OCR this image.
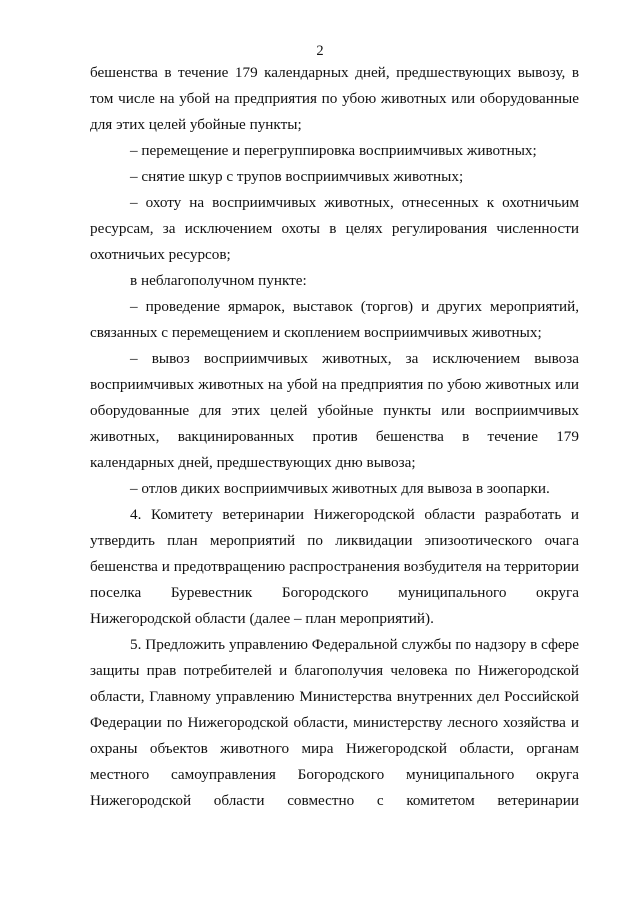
2

бешенства в течение 179 календарных дней, предшествующих вывозу, в том числе на убой на предприятия по убою животных или оборудованные для этих целей убойные пункты;

– перемещение и перегруппировка восприимчивых животных;

– снятие шкур с трупов восприимчивых животных;

– охоту на восприимчивых животных, отнесенных к охотничьим ресурсам, за исключением охоты в целях регулирования численности охотничьих ресурсов;

в неблагополучном пункте:

– проведение ярмарок, выставок (торгов) и других мероприятий, связанных с перемещением и скоплением восприимчивых животных;

– вывоз восприимчивых животных, за исключением вывоза восприимчивых животных на убой на предприятия по убою животных или оборудованные для этих целей убойные пункты или восприимчивых животных, вакцинированных против бешенства в течение 179 календарных дней, предшествующих дню вывоза;

– отлов диких восприимчивых животных для вывоза в зоопарки.

4. Комитету ветеринарии Нижегородской области разработать и утвердить план мероприятий по ликвидации эпизоотического очага бешенства и предотвращению распространения возбудителя на территории поселка Буревестник Богородского муниципального округа Нижегородской области (далее – план мероприятий).

5. Предложить управлению Федеральной службы по надзору в сфере защиты прав потребителей и благополучия человека по Нижегородской области, Главному управлению Министерства внутренних дел Российской Федерации по Нижегородской области, министерству лесного хозяйства и охраны объектов животного мира Нижегородской области, органам местного самоуправления Богородского муниципального округа Нижегородской области совместно с комитетом ветеринарии
